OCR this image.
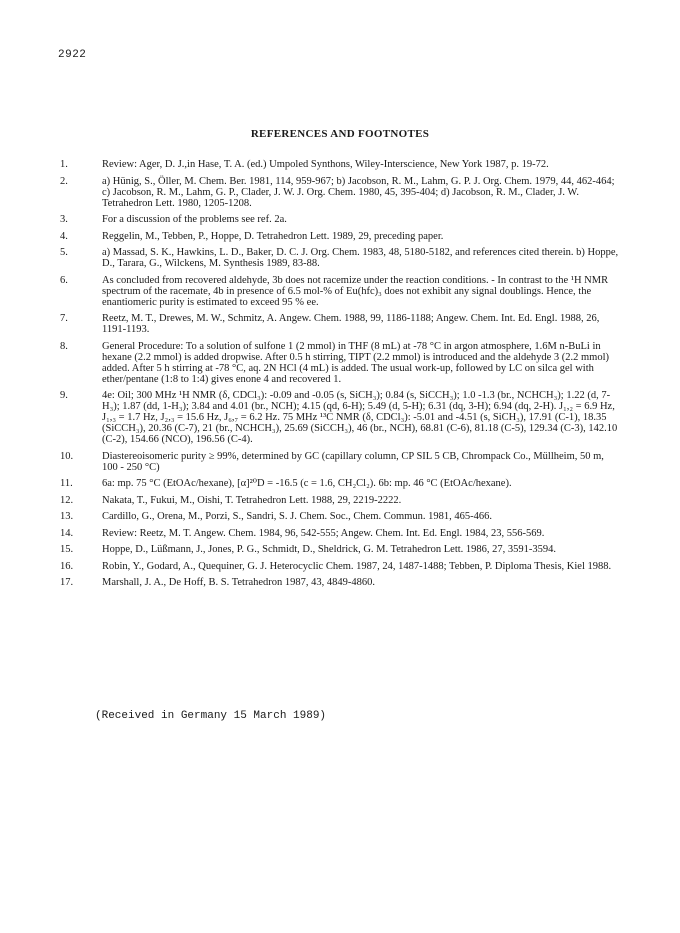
2922
REFERENCES AND FOOTNOTES
1.	Review: Ager, D. J.,in Hase, T. A. (ed.) Umpoled Synthons, Wiley-Interscience, New York 1987, p. 19-72.
2.	a) Hünig, S., Öller, M. Chem. Ber. 1981, 114, 959-967; b) Jacobson, R. M., Lahm, G. P. J. Org. Chem. 1979, 44, 462-464; c) Jacobson, R. M., Lahm, G. P., Clader, J. W. J. Org. Chem. 1980, 45, 395-404; d) Jacobson, R. M., Clader, J. W. Tetrahedron Lett. 1980, 1205-1208.
3.	For a discussion of the problems see ref. 2a.
4.	Reggelin, M., Tebben, P., Hoppe, D. Tetrahedron Lett. 1989, 29, preceding paper.
5.	a) Massad, S. K., Hawkins, L. D., Baker, D. C. J. Org. Chem. 1983, 48, 5180-5182, and references cited therein. b) Hoppe, D., Tarara, G., Wilckens, M. Synthesis 1989, 83-88.
6.	As concluded from recovered aldehyde, 3b does not racemize under the reaction conditions. - In contrast to the ¹H NMR spectrum of the racemate, 4b in presence of 6.5 mol-% of Eu(hfc)₃ does not exhibit any signal doublings. Hence, the enantiomeric purity is estimated to exceed 95 % ee.
7.	Reetz, M. T., Drewes, M. W., Schmitz, A. Angew. Chem. 1988, 99, 1186-1188; Angew. Chem. Int. Ed. Engl. 1988, 26, 1191-1193.
8.	General Procedure: To a solution of sulfone 1 (2 mmol) in THF (8 mL) at -78 °C in argon atmosphere, 1.6M n-BuLi in hexane (2.2 mmol) is added dropwise. After 0.5 h stirring, TIPT (2.2 mmol) is introduced and the aldehyde 3 (2.2 mmol) added. After 5 h stirring at -78 °C, aq. 2N HCl (4 mL) is added. The usual work-up, followed by LC on silca gel with ether/pentane (1:8 to 1:4) gives enone 4 and recovered 1.
9.	4e: Oil; 300 MHz ¹H NMR (δ, CDCl₃): -0.09 and -0.05 (s, SiCH₃); 0.84 (s, SiCCH₃); 1.0 -1.3 (br., NCHCH₃); 1.22 (d, 7-H₃); 1.87 (dd, 1-H₃); 3.84 and 4.01 (br., NCH); 4.15 (qd, 6-H); 5.49 (d, 5-H); 6.31 (dq, 3-H); 6.94 (dq, 2-H). J₁,₂ = 6.9 Hz, J₁,₃ = 1.7 Hz, J₂,₃ = 15.6 Hz, J₆,₇ = 6.2 Hz. 75 MHz ¹³C NMR (δ, CDCl₃): -5.01 and -4.51 (s, SiCH₃), 17.91 (C-1), 18.35 (SiCCH₃), 20.36 (C-7), 21 (br., NCHCH₃), 25.69 (SiCCH₃), 46 (br., NCH), 68.81 (C-6), 81.18 (C-5), 129.34 (C-3), 142.10 (C-2), 154.66 (NCO), 196.56 (C-4).
10.	Diastereoisomeric purity ≥ 99%, determined by GC (capillary column, CP SIL 5 CB, Chrompack Co., Müllheim, 50 m, 100 - 250 °C)
11.	6a: mp. 75 °C (EtOAc/hexane), [α]²⁰D = -16.5 (c = 1.6, CH₂Cl₂). 6b: mp. 46 °C (EtOAc/hexane).
12.	Nakata, T., Fukui, M., Oishi, T. Tetrahedron Lett. 1988, 29, 2219-2222.
13.	Cardillo, G., Orena, M., Porzi, S., Sandri, S. J. Chem. Soc., Chem. Commun. 1981, 465-466.
14.	Review: Reetz, M. T. Angew. Chem. 1984, 96, 542-555; Angew. Chem. Int. Ed. Engl. 1984, 23, 556-569.
15.	Hoppe, D., Lüßmann, J., Jones, P. G., Schmidt, D., Sheldrick, G. M. Tetrahedron Lett. 1986, 27, 3591-3594.
16.	Robin, Y., Godard, A., Quequiner, G. J. Heterocyclic Chem. 1987, 24, 1487-1488; Tebben, P. Diploma Thesis, Kiel 1988.
17.	Marshall, J. A., De Hoff, B. S. Tetrahedron 1987, 43, 4849-4860.
(Received in Germany 15 March 1989)
